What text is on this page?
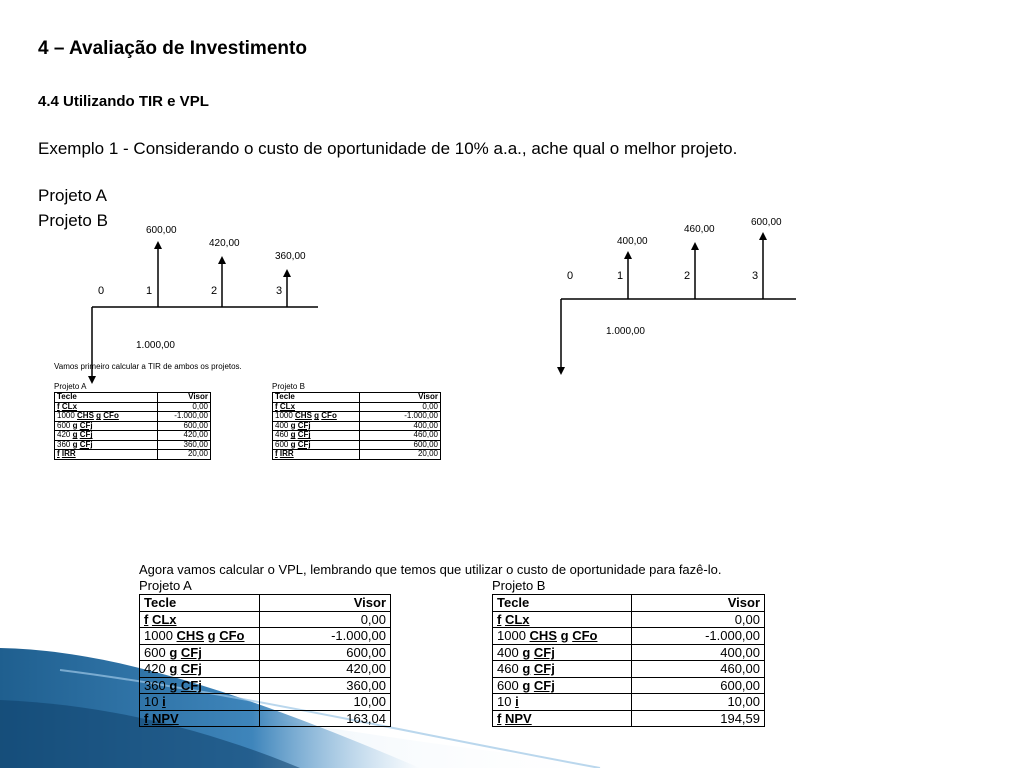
4 – Avaliação de Investimento
4.4 Utilizando TIR e VPL
Exemplo 1 - Considerando o custo de oportunidade de 10% a.a., ache qual o melhor projeto.
Projeto A
Projeto B
0	1	2	3
600,00
420,00
360,00
1.000,00
0	1	2	3
400,00
460,00
600,00
1.000,00
Vamos primeiro calcular a TIR de ambos os projetos.
Projeto A
Tecle	Visor
f CLx	0,00
1000 CHS g CFo	-1.000,00
600 g CFj	600,00
420 g CFj	420,00
360 g CFj	360,00
f IRR	20,00
Projeto B
Tecle	Visor
f CLx	0,00
1000 CHS g CFo	-1.000,00
400 g CFj	400,00
460 g CFj	460,00
600 g CFj	600,00
f IRR	20,00
Agora vamos calcular o VPL, lembrando que temos que utilizar o custo de oportunidade para fazê-lo.
Projeto A
Tecle	Visor
f CLx	0,00
1000 CHS g CFo	-1.000,00
600 g CFj	600,00
420 g CFj	420,00
360 g CFj	360,00
10 i	10,00
f NPV	163,04
Projeto B
Tecle	Visor
f CLx	0,00
1000 CHS g CFo	-1.000,00
400 g CFj	400,00
460 g CFj	460,00
600 g CFj	600,00
10 i	10,00
f NPV	194,59
